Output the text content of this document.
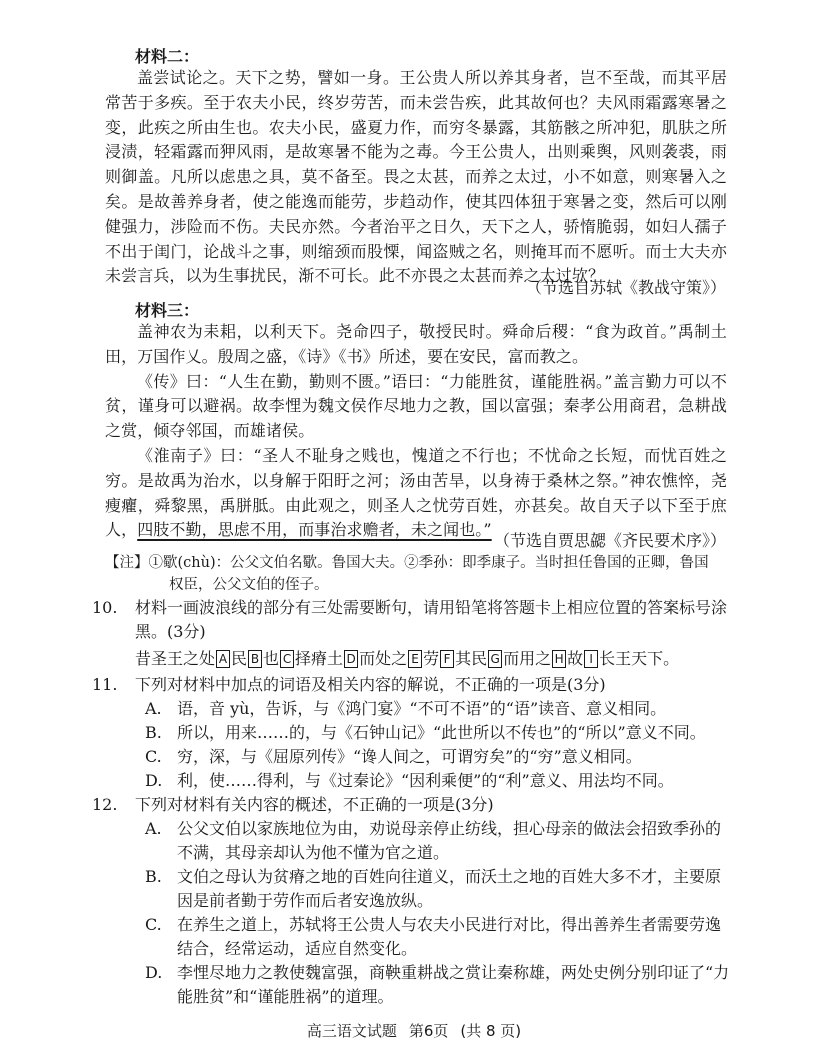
材料二：

盖尝试论之。天下之势，譬如一身。王公贵人所以养其身者，岂不至哉，而其平居常苦于多疾。至于农夫小民，终岁劳苦，而未尝告疾，此其故何也？夫风雨霜露寒暑之变，此疾之所由生也。农夫小民，盛夏力作，而穷冬暴露，其筋骸之所冲犯，肌肤之所浸渍，轻霜露而狎风雨，是故寒暑不能为之毒。今王公贵人，出则乘舆，风则袭裘，雨则御盖。凡所以虑患之具，莫不备至。畏之太甚，而养之太过，小不如意，则寒暑入之矣。是故善养身者，使之能逸而能劳，步趋动作，使其四体狃于寒暑之变，然后可以刚健强力，涉险而不伤。夫民亦然。今者治平之日久，天下之人，骄惰脆弱，如妇人孺子不出于闺门，论战斗之事，则缩颈而股慄，闻盗贼之名，则掩耳而不愿听。而士大夫亦未尝言兵，以为生事扰民，渐不可长。此不亦畏之太甚而养之太过欤？

（节选自苏轼《教战守策》）
材料三：

盖神农为耒耜，以利天下。尧命四子，敬授民时。舜命后稷：“食为政首。”禹制土田，万国作乂。殷周之盛，《诗》《书》所述，要在安民，富而教之。

《传》曰：“人生在勤，勤则不匮。”语曰：“力能胜贫，谨能胜祸。”盖言勤力可以不贫，谨身可以避祸。故李悝为魏文侯作尽地力之教，国以富强；秦孝公用商君，急耕战之赏，倾夺邻国，而雄诸侯。

《淮南子》曰：“圣人不耻身之贱也，愧道之不行也；不忧命之长短，而忧百姓之穷。是故禹为治水，以身解于阳盱之河；汤由苦旱，以身祷于桑林之祭。”神农憔悴，尧瘦癯，舜黎黑，禹胼胝。由此观之，则圣人之忧劳百姓，亦甚矣。故自天子以下至于庶人，四肢不勤，思虑不用，而事治求赡者，未之闻也。”

（节选自贾思勰《齐民要术序》）
【注】①歜(chù)：公父文伯名歜。鲁国大夫。②季孙：即季康子。当时担任鲁国的正卿，鲁国
权臣，公父文伯的侄子。
10.	材料一画波浪线的部分有三处需要断句，请用铅笔将答题卡上相应位置的答案标号涂黑。(3分)
昔圣王之处 A 民 B 也 C 择瘠土 D 而处之 E 劳 F 其民 G 而用之 H 故 I 长王天下。
11.	下列对材料中加点的词语及相关内容的解说，不正确的一项是(3分)
A. 语，音 yù，告诉，与《鸿门宴》“不可不语”的“语”读音、意义相同。
B. 所以，用来……的，与《石钟山记》“此世所以不传也”的“所以”意义不同。
C. 穷，深，与《屈原列传》“谗人间之，可谓穷矣”的“穷”意义相同。
D. 利，使……得利，与《过秦论》“因利乘便”的“利”意义、用法均不同。
12.	下列对材料有关内容的概述，不正确的一项是(3分)
A. 公父文伯以家族地位为由，劝说母亲停止纺线，担心母亲的做法会招致季孙的不满，其母亲却认为他不懂为官之道。
B. 文伯之母认为贫瘠之地的百姓向往道义，而沃土之地的百姓大多不才，主要原因是前者勤于劳作而后者安逸放纵。
C. 在养生之道上，苏轼将王公贵人与农夫小民进行对比，得出善养生者需要劳逸结合，经常运动，适应自然变化。
D. 李悝尽地力之教使魏富强，商鞅重耕战之赏让秦称雄，两处史例分别印证了“力能胜贫”和“谨能胜祸”的道理。
高三语文试题 第6页 (共 8 页)
